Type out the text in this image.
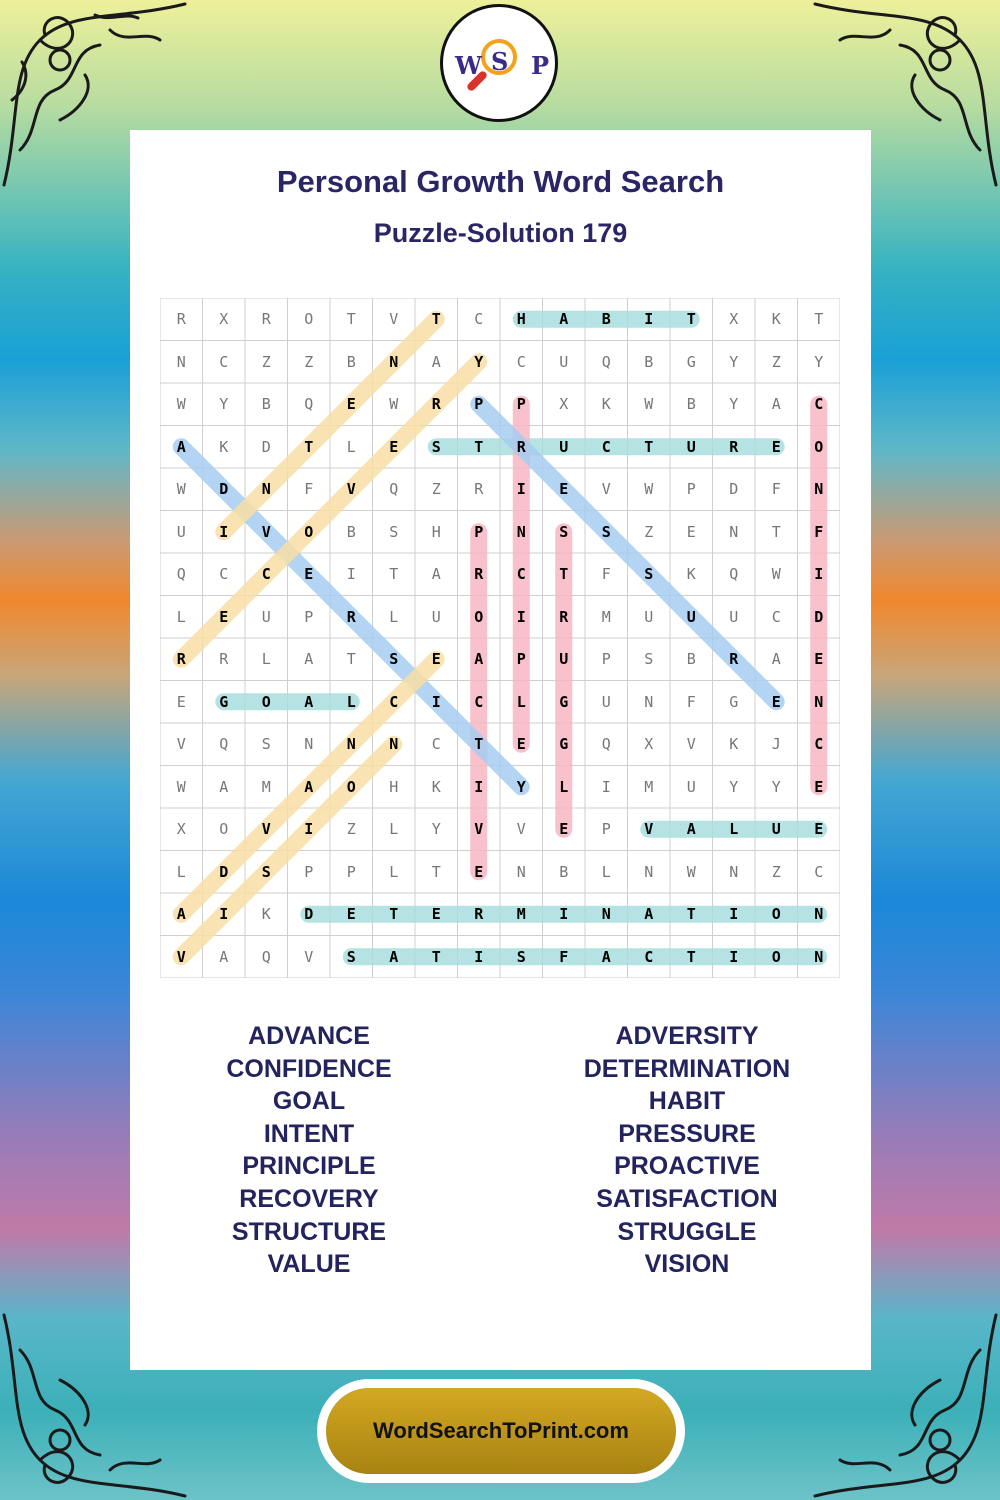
W S P
Personal Growth Word Search
Puzzle-Solution 179
R	X	R	O	T	V	T	C	H	A	B	I	T	X	K	T
N	C	Z	Z	B	N	A	Y	C	U	Q	B	G	Y	Z	Y
W	Y	B	Q	E	W	R	P	P	X	K	W	B	Y	A	C
A	K	D	T	L	E	S	T	R	U	C	T	U	R	E	O
W	D	N	F	V	Q	Z	R	I	E	V	W	P	D	F	N
U	I	V	O	B	S	H	P	N	S	S	Z	E	N	T	F
Q	C	C	E	I	T	A	R	C	T	F	S	K	Q	W	I
L	E	U	P	R	L	U	O	I	R	M	U	U	U	C	D
R	R	L	A	T	S	E	A	P	U	P	S	B	R	A	E
E	G	O	A	L	C	I	C	L	G	U	N	F	G	E	N
V	Q	S	N	N	N	C	T	E	G	Q	X	V	K	J	C
W	A	M	A	O	H	K	I	Y	L	I	M	U	Y	Y	E
X	O	V	I	Z	L	Y	V	V	E	P	V	A	L	U	E
L	D	S	P	P	L	T	E	N	B	L	N	W	N	Z	C
A	I	K	D	E	T	E	R	M	I	N	A	T	I	O	N
V	A	Q	V	S	A	T	I	S	F	A	C	T	I	O	N
ADVANCE
CONFIDENCE
GOAL
INTENT
PRINCIPLE
RECOVERY
STRUCTURE
VALUE
ADVERSITY
DETERMINATION
HABIT
PRESSURE
PROACTIVE
SATISFACTION
STRUGGLE
VISION
WordSearchToPrint.com
